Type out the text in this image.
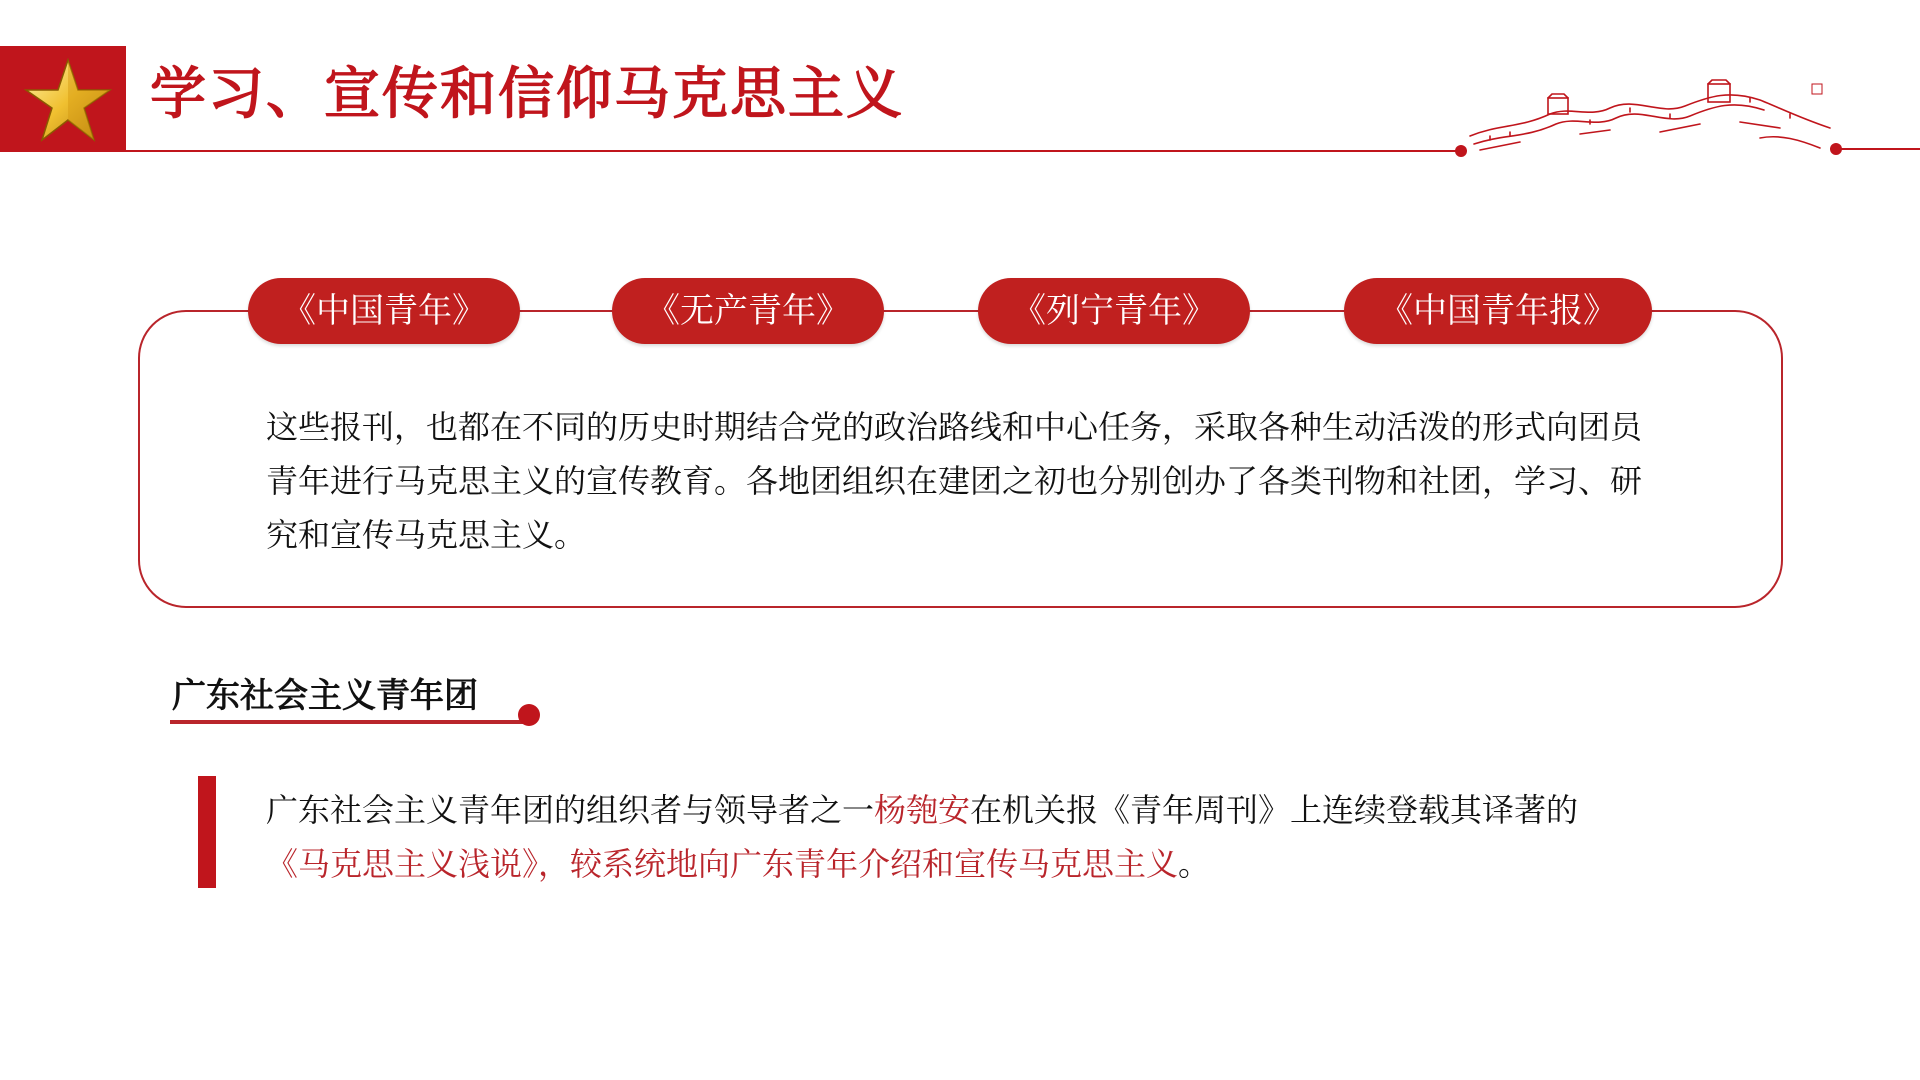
学习、宣传和信仰马克思主义
《中国青年》	《无产青年》	《列宁青年》	《中国青年报》
这些报刊，也都在不同的历史时期结合党的政治路线和中心任务，采取各种生动活泼的形式向团员青年进行马克思主义的宣传教育。各地团组织在建团之初也分别创办了各类刊物和社团，学习、研究和宣传马克思主义。
广东社会主义青年团
广东社会主义青年团的组织者与领导者之一杨匏安在机关报《青年周刊》上连续登载其译著的
《马克思主义浅说》，较系统地向广东青年介绍和宣传马克思主义。
